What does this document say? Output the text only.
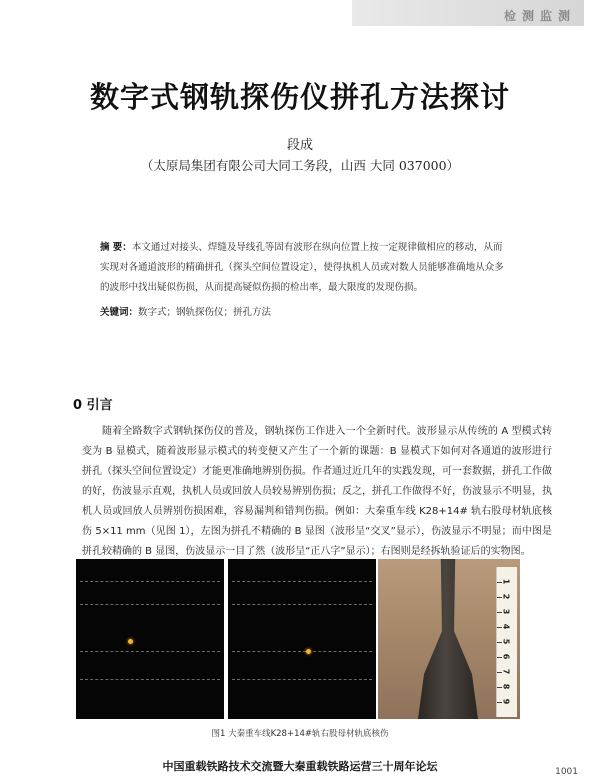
检测监测
数字式钢轨探伤仪拼孔方法探讨
段成
（太原局集团有限公司大同工务段，山西 大同 037000）
摘 要：本文通过对接头、焊缝及导线孔等固有波形在纵向位置上按一定规律做相应的移动，从而实现对各通道波形的精确拼孔（探头空间位置设定），使得执机人员或对数人员能够准确地从众多的波形中找出疑似伤损，从而提高疑似伤损的检出率，最大限度的发现伤损。
关键词：数字式；钢轨探伤仪；拼孔方法
0 引言
随着全路数字式钢轨探伤仪的普及，钢轨探伤工作进入一个全新时代。波形显示从传统的 A 型模式转变为 B 显模式，随着波形显示模式的转变便又产生了一个新的课题：B 显模式下如何对各通道的波形进行拼孔（探头空间位置设定）才能更准确地辨别伤损。作者通过近几年的实践发现，可一套数据，拼孔工作做的好，伤波显示直观，执机人员或回放人员较易辨别伤损；反之，拼孔工作做得不好，伤波显示不明显，执机人员或回放人员辨别伤损困难，容易漏判和错判伤损。例如：大秦重车线 K28+14# 轨右股母材轨底核伤 5×11 mm（见图 1），左图为拼孔不精确的 B 显图（波形呈“交叉”显示），伤波显示不明显；而中图是拼孔较精确的 B 显图，伤波显示一目了然（波形呈“正八字”显示）；右图则是经拆轨验证后的实物图。
1
2
3
4
5
6
7
8
9
图1 大秦重车线K28+14#轨右股母材轨底核伤
中国重载铁路技术交流暨大秦重载铁路运营三十周年论坛	1001
